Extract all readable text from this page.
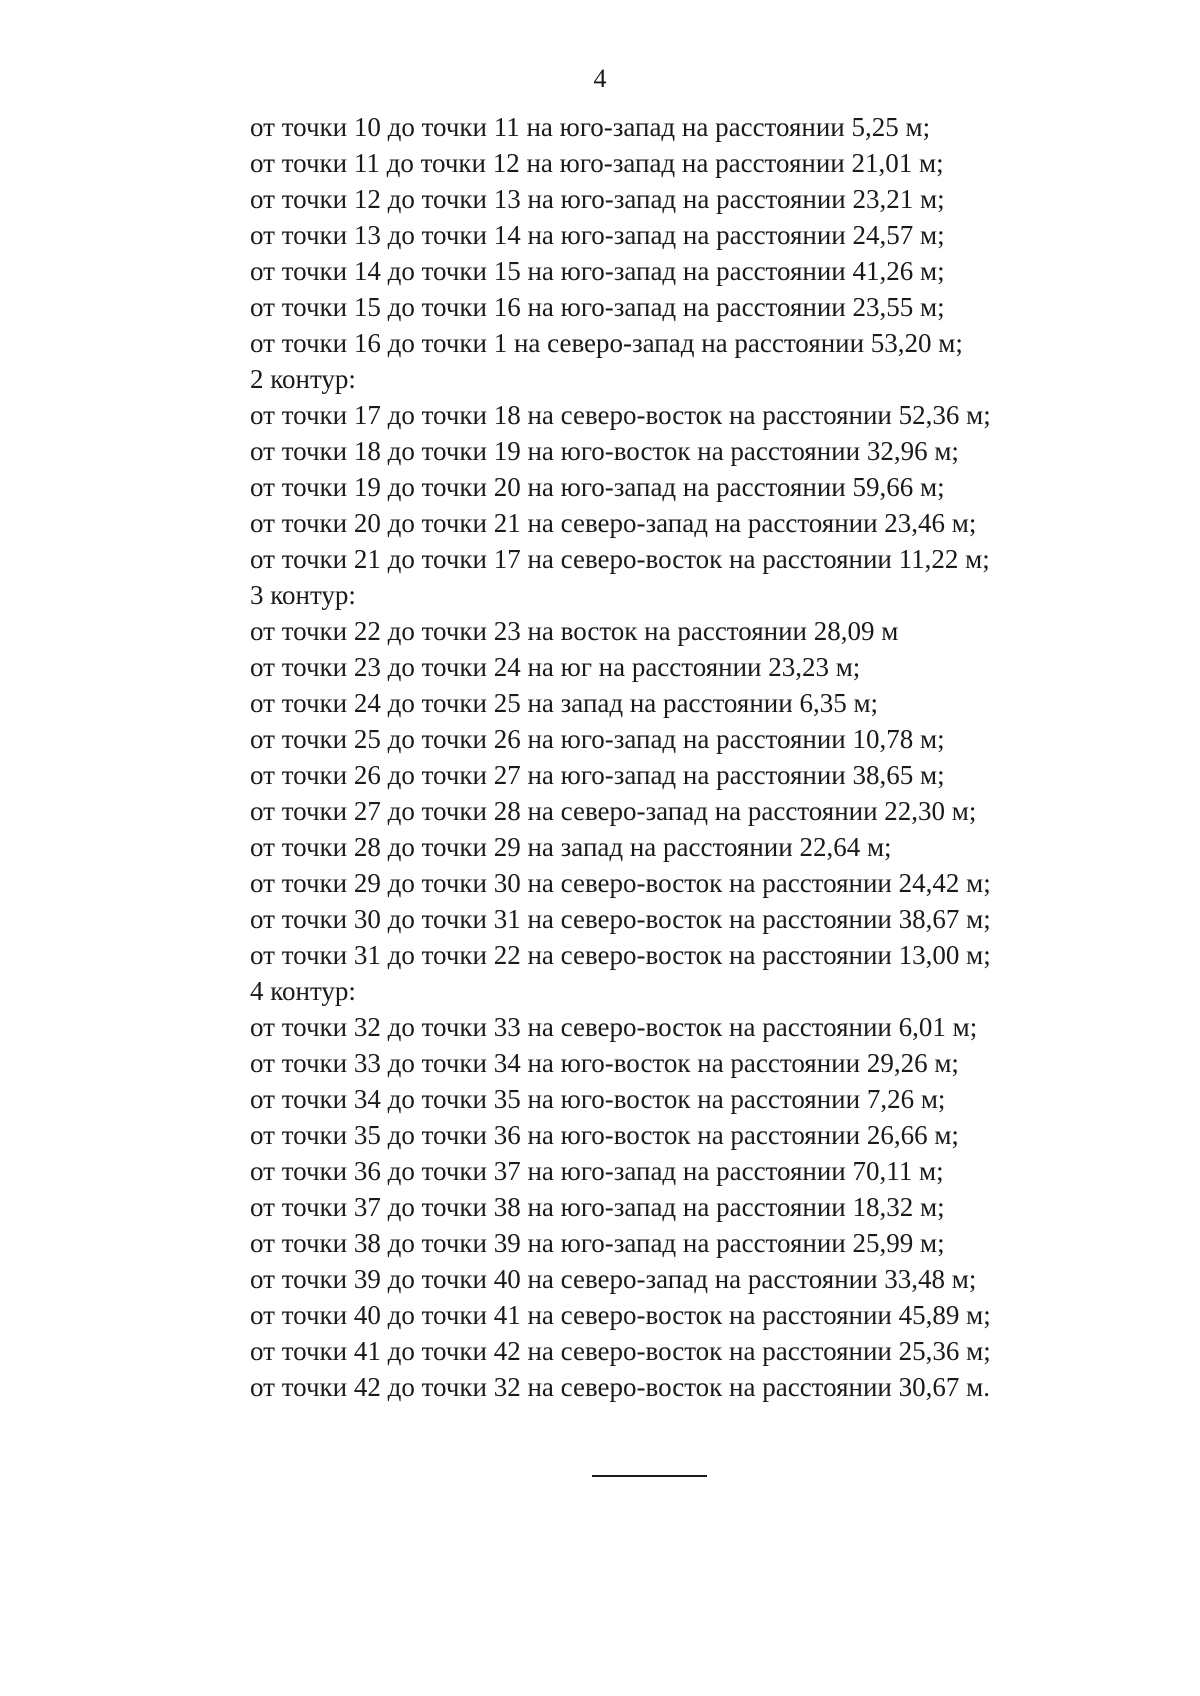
4
от точки 10 до точки 11 на юго-запад на расстоянии 5,25 м;
от точки 11 до точки 12 на юго-запад на расстоянии 21,01 м;
от точки 12 до точки 13 на юго-запад на расстоянии 23,21 м;
от точки 13 до точки 14 на юго-запад на расстоянии 24,57 м;
от точки 14 до точки 15 на юго-запад на расстоянии 41,26 м;
от точки 15 до точки 16 на юго-запад на расстоянии 23,55 м;
от точки 16 до точки 1 на северо-запад на расстоянии 53,20 м;
2 контур:
от точки 17 до точки 18 на северо-восток на расстоянии 52,36 м;
от точки 18 до точки 19 на юго-восток на расстоянии 32,96 м;
от точки 19 до точки 20 на юго-запад на расстоянии 59,66 м;
от точки 20 до точки 21 на северо-запад на расстоянии 23,46 м;
от точки 21 до точки 17 на северо-восток на расстоянии 11,22 м;
3 контур:
от точки 22 до точки 23 на восток на расстоянии 28,09 м
от точки 23 до точки 24 на юг на расстоянии 23,23 м;
от точки 24 до точки 25 на запад на расстоянии 6,35 м;
от точки 25 до точки 26 на юго-запад на расстоянии 10,78 м;
от точки 26 до точки 27 на юго-запад на расстоянии 38,65 м;
от точки 27 до точки 28 на северо-запад на расстоянии 22,30 м;
от точки 28 до точки 29 на запад на расстоянии 22,64 м;
от точки 29 до точки 30 на северо-восток на расстоянии 24,42 м;
от точки 30 до точки 31 на северо-восток на расстоянии 38,67 м;
от точки 31 до точки 22 на северо-восток на расстоянии 13,00 м;
4 контур:
от точки 32 до точки 33 на северо-восток на расстоянии 6,01 м;
от точки 33 до точки 34 на юго-восток на расстоянии 29,26 м;
от точки 34 до точки 35 на юго-восток на расстоянии 7,26 м;
от точки 35 до точки 36 на юго-восток на расстоянии 26,66 м;
от точки 36 до точки 37 на юго-запад на расстоянии 70,11 м;
от точки 37 до точки 38 на юго-запад на расстоянии 18,32 м;
от точки 38 до точки 39 на юго-запад на расстоянии 25,99 м;
от точки 39 до точки 40 на северо-запад на расстоянии 33,48 м;
от точки 40 до точки 41 на северо-восток на расстоянии 45,89 м;
от точки 41 до точки 42 на северо-восток на расстоянии 25,36 м;
от точки 42 до точки 32 на северо-восток на расстоянии 30,67 м.
